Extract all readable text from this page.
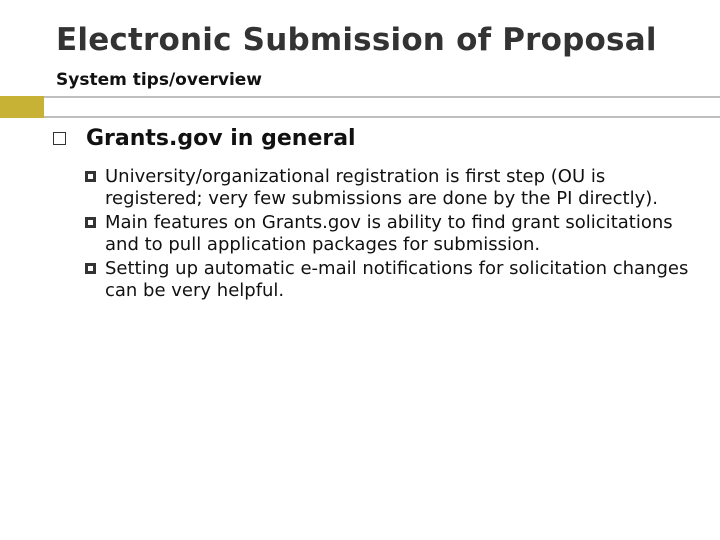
Electronic Submission of Proposal
System tips/overview
Grants.gov in general
University/organizational registration is first step (OU is registered; very few submissions are done by the PI directly).
Main features on Grants.gov is ability to find grant solicitations and to pull application packages for submission.
Setting up automatic e-mail notifications for solicitation changes can be very helpful.
